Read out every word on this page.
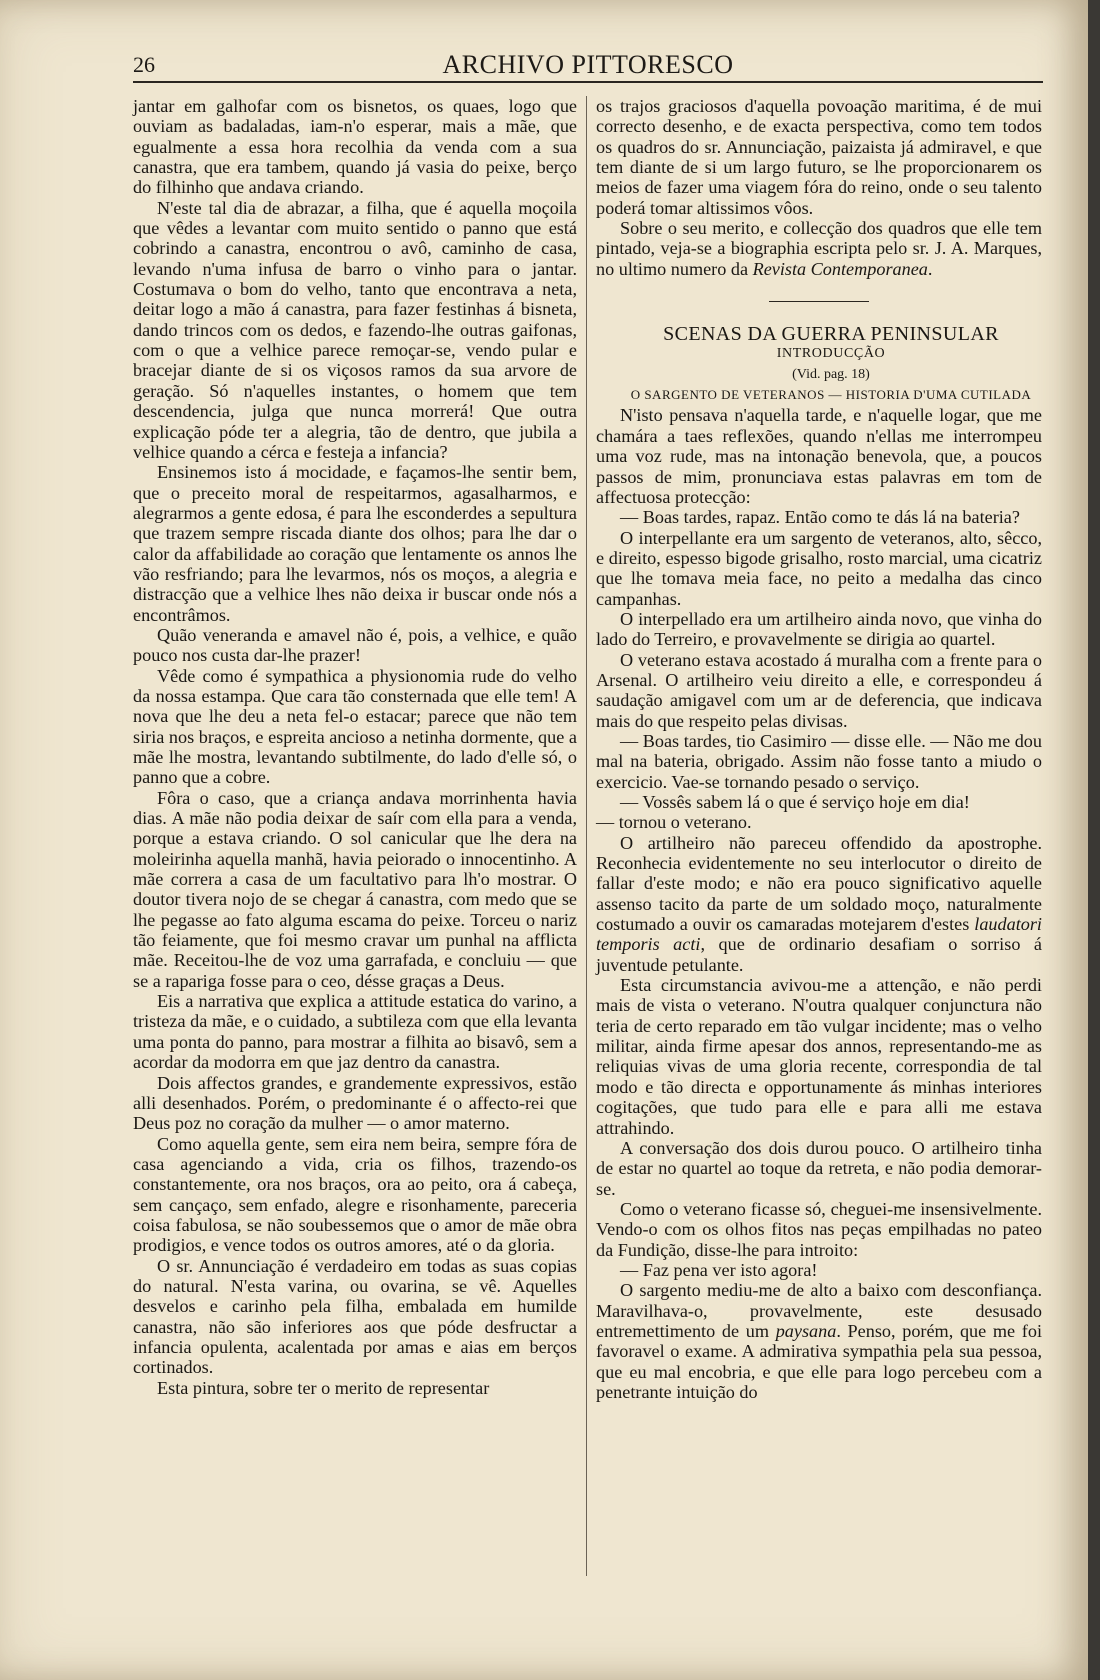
26	ARCHIVO PITTORESCO

jantar em galhofar com os bisnetos, os quaes, logo que ouviam as badaladas, iam-n'o esperar, mais a mãe, que egualmente a essa hora recolhia da venda com a sua canastra, que era tambem, quando já vasia do peixe, berço do filhinho que andava criando.

N'este tal dia de abrazar, a filha, que é aquella moçoila que vêdes a levantar com muito sentido o panno que está cobrindo a canastra, encontrou o avô, caminho de casa, levando n'uma infusa de barro o vinho para o jantar. Costumava o bom do velho, tanto que encontrava a neta, deitar logo a mão á canastra, para fazer festinhas á bisneta, dando trincos com os dedos, e fazendo-lhe outras gaifonas, com o que a velhice parece remoçar-se, vendo pular e bracejar diante de si os viçosos ramos da sua arvore de geração. Só n'aquelles instantes, o homem que tem descendencia, julga que nunca morrerá! Que outra explicação póde ter a alegria, tão de dentro, que jubila a velhice quando a cérca e festeja a infancia?

Ensinemos isto á mocidade, e façamos-lhe sentir bem, que o preceito moral de respeitarmos, agasalharmos, e alegrarmos a gente edosa, é para lhe esconderdes a sepultura que trazem sempre riscada diante dos olhos; para lhe dar o calor da affabilidade ao coração que lentamente os annos lhe vão resfriando; para lhe levarmos, nós os moços, a alegria e distracção que a velhice lhes não deixa ir buscar onde nós a encontrâmos.

Quão veneranda e amavel não é, pois, a velhice, e quão pouco nos custa dar-lhe prazer!

Vêde como é sympathica a physionomia rude do velho da nossa estampa. Que cara tão consternada que elle tem! A nova que lhe deu a neta fel-o estacar; parece que não tem siria nos braços, e espreita ancioso a netinha dormente, que a mãe lhe mostra, levantando subtilmente, do lado d'elle só, o panno que a cobre.

Fôra o caso, que a criança andava morrinhenta havia dias. A mãe não podia deixar de saír com ella para a venda, porque a estava criando. O sol canicular que lhe dera na moleirinha aquella manhã, havia peiorado o innocentinho. A mãe correra a casa de um facultativo para lh'o mostrar. O doutor tivera nojo de se chegar á canastra, com medo que se lhe pegasse ao fato alguma escama do peixe. Torceu o nariz tão feiamente, que foi mesmo cravar um punhal na afflicta mãe. Receitou-lhe de voz uma garrafada, e concluiu — que se a rapariga fosse para o ceo, désse graças a Deus.

Eis a narrativa que explica a attitude estatica do varino, a tristeza da mãe, e o cuidado, a subtileza com que ella levanta uma ponta do panno, para mostrar a filhita ao bisavô, sem a acordar da modorra em que jaz dentro da canastra.

Dois affectos grandes, e grandemente expressivos, estão alli desenhados. Porém, o predominante é o affecto-rei que Deus poz no coração da mulher — o amor materno.

Como aquella gente, sem eira nem beira, sempre fóra de casa agenciando a vida, cria os filhos, trazendo-os constantemente, ora nos braços, ora ao peito, ora á cabeça, sem cançaço, sem enfado, alegre e risonhamente, pareceria coisa fabulosa, se não soubessemos que o amor de mãe obra prodigios, e vence todos os outros amores, até o da gloria.

O sr. Annunciação é verdadeiro em todas as suas copias do natural. N'esta varina, ou ovarina, se vê. Aquelles desvelos e carinho pela filha, embalada em humilde canastra, não são inferiores aos que póde desfructar a infancia opulenta, acalentada por amas e aias em berços cortinados.

Esta pintura, sobre ter o merito de representar

os trajos graciosos d'aquella povoação maritima, é de mui correcto desenho, e de exacta perspectiva, como tem todos os quadros do sr. Annunciação, paizaista já admiravel, e que tem diante de si um largo futuro, se lhe proporcionarem os meios de fazer uma viagem fóra do reino, onde o seu talento poderá tomar altissimos vôos.

Sobre o seu merito, e collecção dos quadros que elle tem pintado, veja-se a biographia escripta pelo sr. J. A. Marques, no ultimo numero da Revista Contemporanea.

SCENAS DA GUERRA PENINSULAR

INTRODUCÇÃO

(Vid. pag. 18)

O SARGENTO DE VETERANOS — HISTORIA D'UMA CUTILADA

N'isto pensava n'aquella tarde, e n'aquelle logar, que me chamára a taes reflexões, quando n'ellas me interrompeu uma voz rude, mas na intonação benevola, que, a poucos passos de mim, pronunciava estas palavras em tom de affectuosa protecção:

— Boas tardes, rapaz. Então como te dás lá na bateria?

O interpellante era um sargento de veteranos, alto, sêcco, e direito, espesso bigode grisalho, rosto marcial, uma cicatriz que lhe tomava meia face, no peito a medalha das cinco campanhas.

O interpellado era um artilheiro ainda novo, que vinha do lado do Terreiro, e provavelmente se dirigia ao quartel.

O veterano estava acostado á muralha com a frente para o Arsenal. O artilheiro veiu direito a elle, e correspondeu á saudação amigavel com um ar de deferencia, que indicava mais do que respeito pelas divisas.

— Boas tardes, tio Casimiro — disse elle. — Não me dou mal na bateria, obrigado. Assim não fosse tanto a miudo o exercicio. Vae-se tornando pesado o serviço.

— Vossês sabem lá o que é serviço hoje em dia!

— tornou o veterano.

O artilheiro não pareceu offendido da apostrophe. Reconhecia evidentemente no seu interlocutor o direito de fallar d'este modo; e não era pouco significativo aquelle assenso tacito da parte de um soldado moço, naturalmente costumado a ouvir os camaradas motejarem d'estes laudatori temporis acti, que de ordinario desafiam o sorriso á juventude petulante.

Esta circumstancia avivou-me a attenção, e não perdi mais de vista o veterano. N'outra qualquer conjunctura não teria de certo reparado em tão vulgar incidente; mas o velho militar, ainda firme apesar dos annos, representando-me as reliquias vivas de uma gloria recente, correspondia de tal modo e tão directa e opportunamente ás minhas interiores cogitações, que tudo para elle e para alli me estava attrahindo.

A conversação dos dois durou pouco. O artilheiro tinha de estar no quartel ao toque da retreta, e não podia demorar-se.

Como o veterano ficasse só, cheguei-me insensivelmente. Vendo-o com os olhos fitos nas peças empilhadas no pateo da Fundição, disse-lhe para introito:

— Faz pena ver isto agora!

O sargento mediu-me de alto a baixo com desconfiança. Maravilhava-o, provavelmente, este desusado entremettimento de um paysana. Penso, porém, que me foi favoravel o exame. A admirativa sympathia pela sua pessoa, que eu mal encobria, e que elle para logo percebeu com a penetrante intuição do
